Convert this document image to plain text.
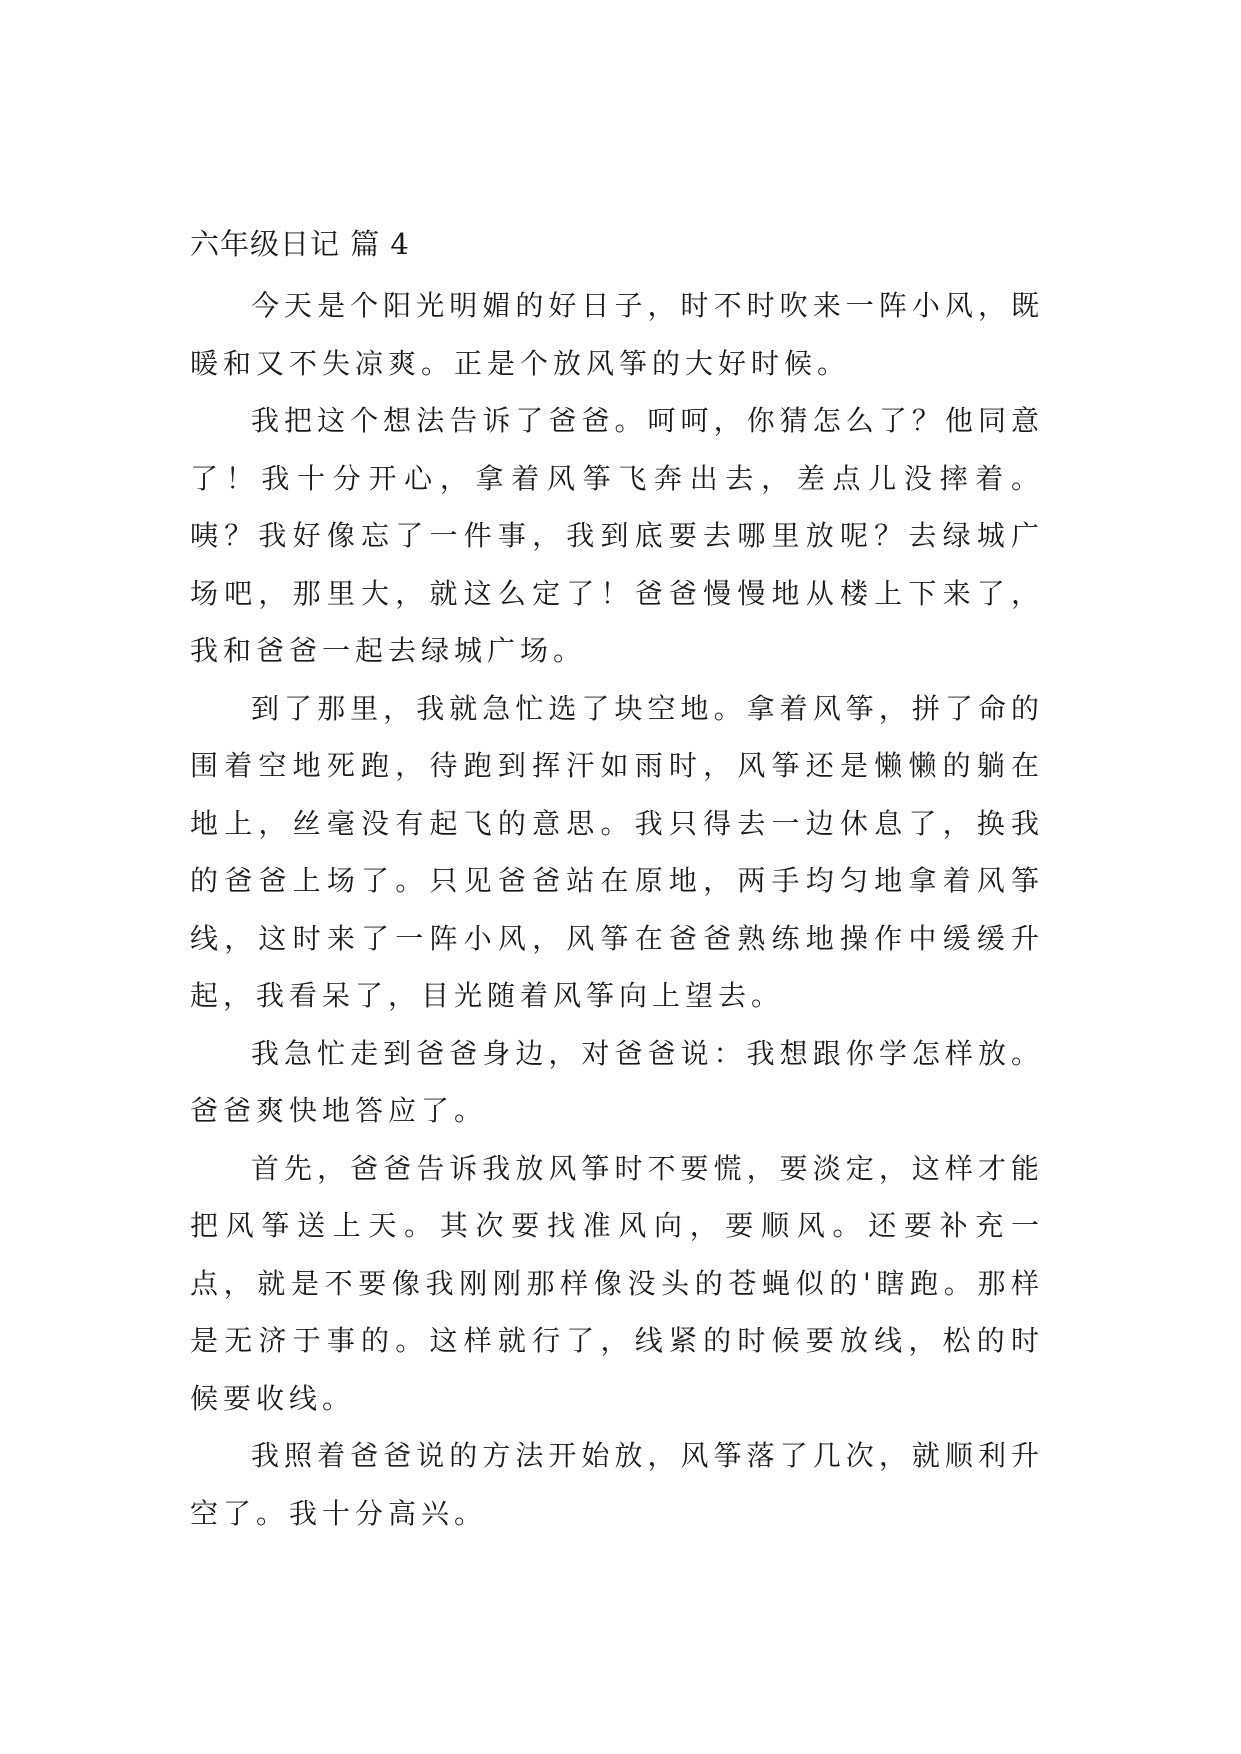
六年级日记 篇 4

今天是个阳光明媚的好日子，时不时吹来一阵小风，既暖和又不失凉爽。正是个放风筝的大好时候。

我把这个想法告诉了爸爸。呵呵，你猜怎么了？他同意了！我十分开心，拿着风筝飞奔出去，差点儿没摔着。咦？我好像忘了一件事，我到底要去哪里放呢？去绿城广场吧，那里大，就这么定了！爸爸慢慢地从楼上下来了，我和爸爸一起去绿城广场。

到了那里，我就急忙选了块空地。拿着风筝，拼了命的围着空地死跑，待跑到挥汗如雨时，风筝还是懒懒的躺在地上，丝毫没有起飞的意思。我只得去一边休息了，换我的爸爸上场了。只见爸爸站在原地，两手均匀地拿着风筝线，这时来了一阵小风，风筝在爸爸熟练地操作中缓缓升起，我看呆了，目光随着风筝向上望去。

我急忙走到爸爸身边，对爸爸说：我想跟你学怎样放。爸爸爽快地答应了。

首先，爸爸告诉我放风筝时不要慌，要淡定，这样才能把风筝送上天。其次要找准风向，要顺风。还要补充一点，就是不要像我刚刚那样像没头的苍蝇似的'瞎跑。那样是无济于事的。这样就行了，线紧的时候要放线，松的时候要收线。

我照着爸爸说的方法开始放，风筝落了几次，就顺利升空了。我十分高兴。
